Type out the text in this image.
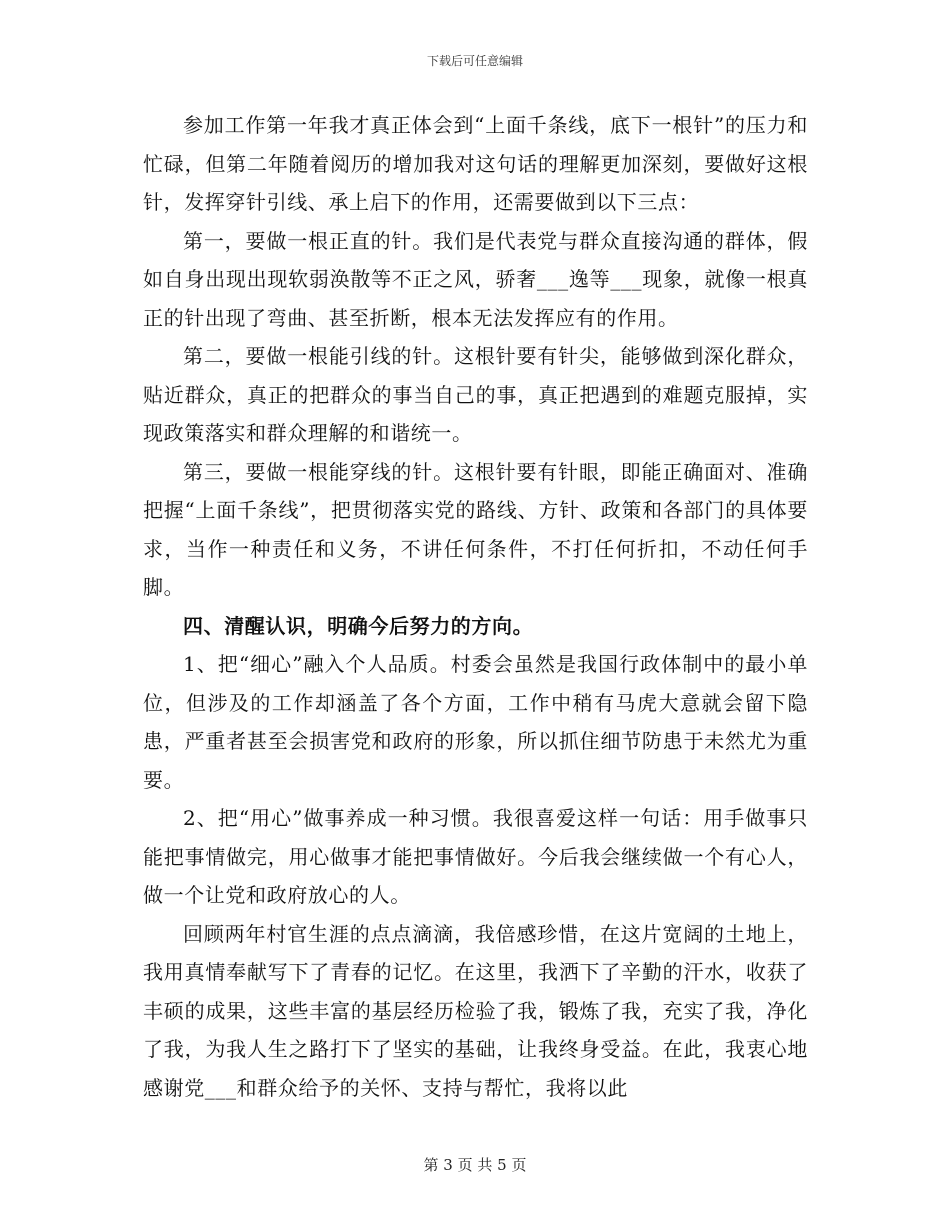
下载后可任意编辑

参加工作第一年我才真正体会到“上面千条线，底下一根针”的压力和忙碌，但第二年随着阅历的增加我对这句话的理解更加深刻，要做好这根针，发挥穿针引线、承上启下的作用，还需要做到以下三点：

第一，要做一根正直的针。我们是代表党与群众直接沟通的群体，假如自身出现出现软弱涣散等不正之风，骄奢___逸等___现象，就像一根真正的针出现了弯曲、甚至折断，根本无法发挥应有的作用。

第二，要做一根能引线的针。这根针要有针尖，能够做到深化群众，贴近群众，真正的把群众的事当自己的事，真正把遇到的难题克服掉，实现政策落实和群众理解的和谐统一。

第三，要做一根能穿线的针。这根针要有针眼，即能正确面对、准确把握“上面千条线”，把贯彻落实党的路线、方针、政策和各部门的具体要求，当作一种责任和义务，不讲任何条件，不打任何折扣，不动任何手脚。

四、清醒认识，明确今后努力的方向。

1、把“细心”融入个人品质。村委会虽然是我国行政体制中的最小单位，但涉及的工作却涵盖了各个方面，工作中稍有马虎大意就会留下隐患，严重者甚至会损害党和政府的形象，所以抓住细节防患于未然尤为重要。

2、把“用心”做事养成一种习惯。我很喜爱这样一句话：用手做事只能把事情做完，用心做事才能把事情做好。今后我会继续做一个有心人，做一个让党和政府放心的人。

回顾两年村官生涯的点点滴滴，我倍感珍惜，在这片宽阔的土地上，我用真情奉献写下了青春的记忆。在这里，我洒下了辛勤的汗水，收获了丰硕的成果，这些丰富的基层经历检验了我，锻炼了我，充实了我，净化了我，为我人生之路打下了坚实的基础，让我终身受益。在此，我衷心地感谢党___和群众给予的关怀、支持与帮忙，我将以此

第 3 页 共 5 页
